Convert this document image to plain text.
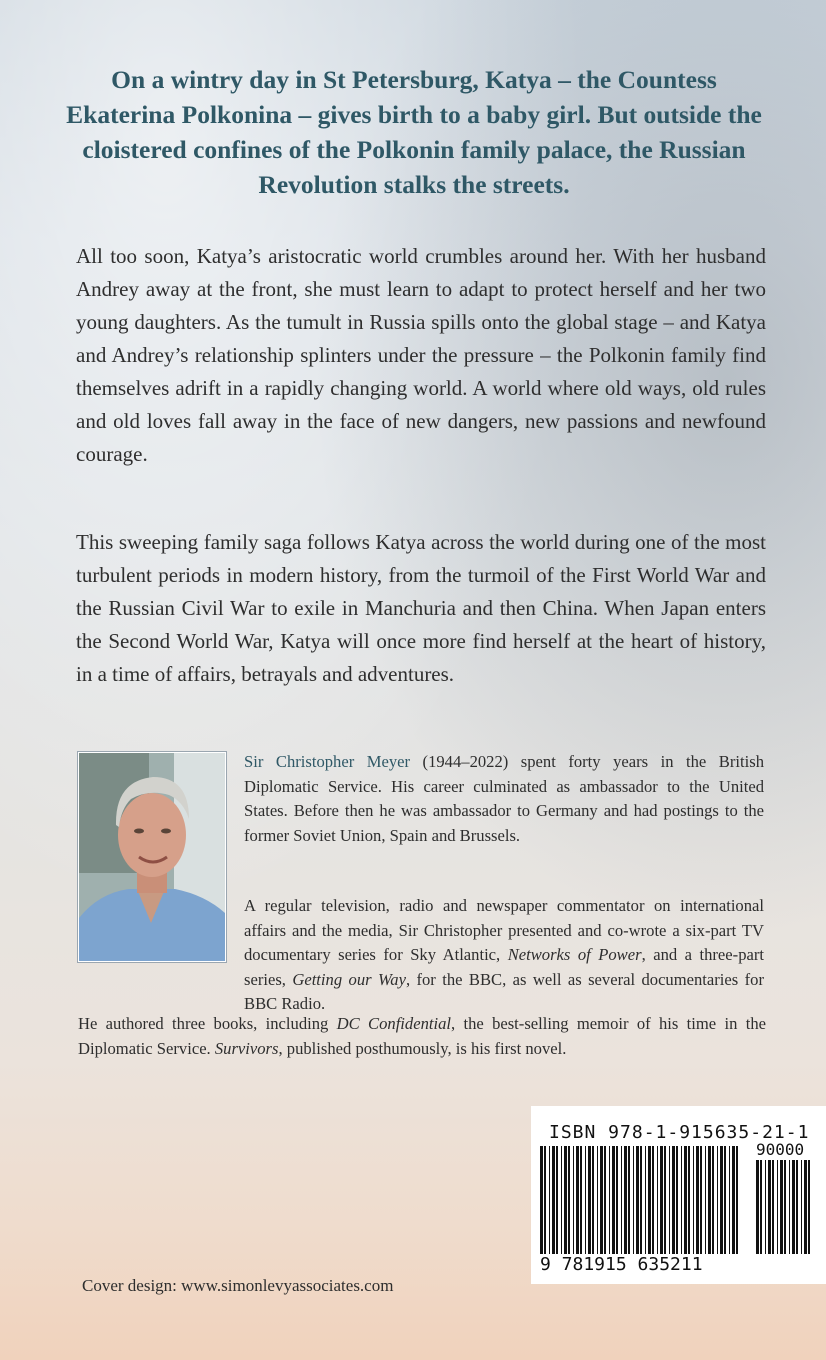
On a wintry day in St Petersburg, Katya – the Countess Ekaterina Polkonina – gives birth to a baby girl. But outside the cloistered confines of the Polkonin family palace, the Russian Revolution stalks the streets.

All too soon, Katya’s aristocratic world crumbles around her. With her husband Andrey away at the front, she must learn to adapt to protect herself and her two young daughters. As the tumult in Russia spills onto the global stage – and Katya and Andrey’s relationship splinters under the pressure – the Polkonin family find themselves adrift in a rapidly changing world. A world where old ways, old rules and old loves fall away in the face of new dangers, new passions and newfound courage.

This sweeping family saga follows Katya across the world during one of the most turbulent periods in modern history, from the turmoil of the First World War and the Russian Civil War to exile in Manchuria and then China. When Japan enters the Second World War, Katya will once more find herself at the heart of history, in a time of affairs, betrayals and adventures.

Sir Christopher Meyer (1944–2022) spent forty years in the British Diplomatic Service. His career culminated as ambassador to the United States. Before then he was ambassador to Germany and had postings to the former Soviet Union, Spain and Brussels.

A regular television, radio and newspaper commentator on international affairs and the media, Sir Christopher presented and co-wrote a six-part TV documentary series for Sky Atlantic, Networks of Power, and a three-part series, Getting our Way, for the BBC, as well as several documentaries for BBC Radio.

He authored three books, including DC Confidential, the best-selling memoir of his time in the Diplomatic Service. Survivors, published posthumously, is his first novel.

ISBN 978-1-915635-21-1

90000
9 781915 635211

Cover design: www.simonlevyassociates.com
